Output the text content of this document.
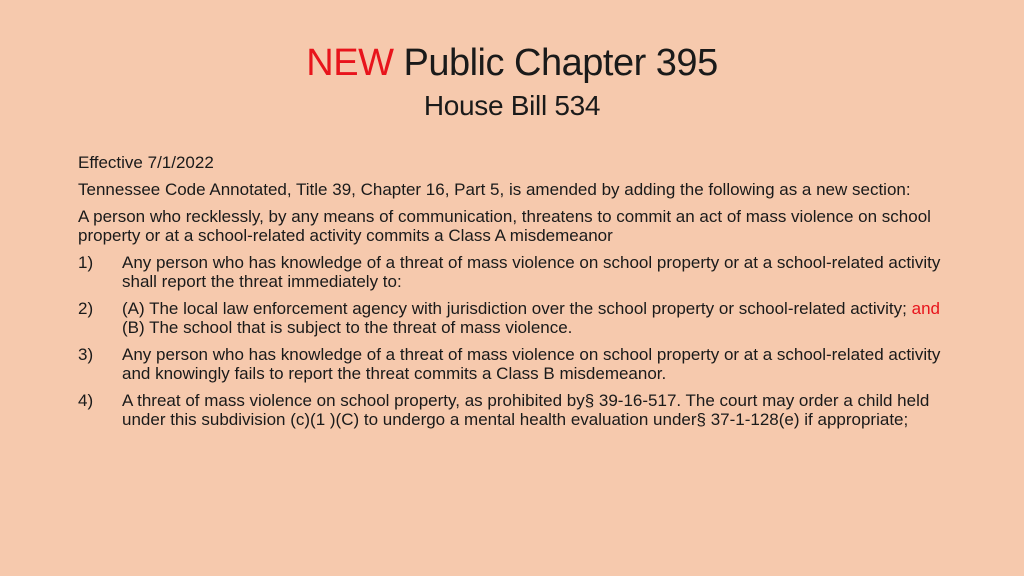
NEW Public Chapter 395
House Bill 534

Effective 7/1/2022

Tennessee Code Annotated, Title 39, Chapter 16, Part 5, is amended by adding the following as a new section:

A person who recklessly, by any means of communication, threatens to commit an act of mass violence on school property or at a school-related activity commits a Class A misdemeanor

1)	Any person who has knowledge of a threat of mass violence on school property or at a school-related activity shall report the threat immediately to:
2)	(A) The local law enforcement agency with jurisdiction over the school property or school-related activity; and (B) The school that is subject to the threat of mass violence.
3)	Any person who has knowledge of a threat of mass violence on school property or at a school-related activity and knowingly fails to report the threat commits a Class B misdemeanor.
4)	A threat of mass violence on school property, as prohibited by§ 39-16-517. The court may order a child held under this subdivision (c)(1 )(C) to undergo a mental health evaluation under§ 37-1-128(e) if appropriate;
